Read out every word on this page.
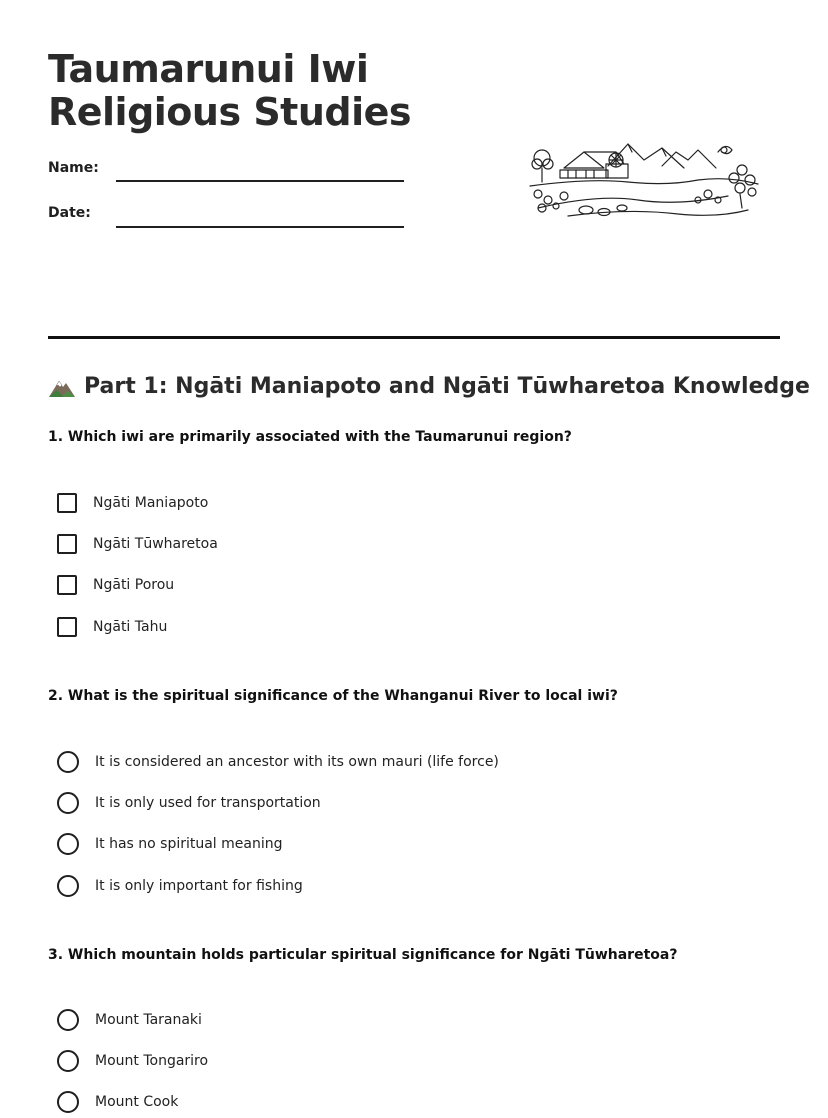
Taumarunui Iwi
Religious Studies
Name:
Date:
Part 1: Ngāti Maniapoto and Ngāti Tūwharetoa Knowledge

1. Which iwi are primarily associated with the Taumarunui region?

Ngāti Maniapoto
Ngāti Tūwharetoa
Ngāti Porou
Ngāti Tahu

2. What is the spiritual significance of the Whanganui River to local iwi?

It is considered an ancestor with its own mauri (life force)
It is only used for transportation
It has no spiritual meaning
It is only important for fishing

3. Which mountain holds particular spiritual significance for Ngāti Tūwharetoa?

Mount Taranaki
Mount Tongariro
Mount Cook
